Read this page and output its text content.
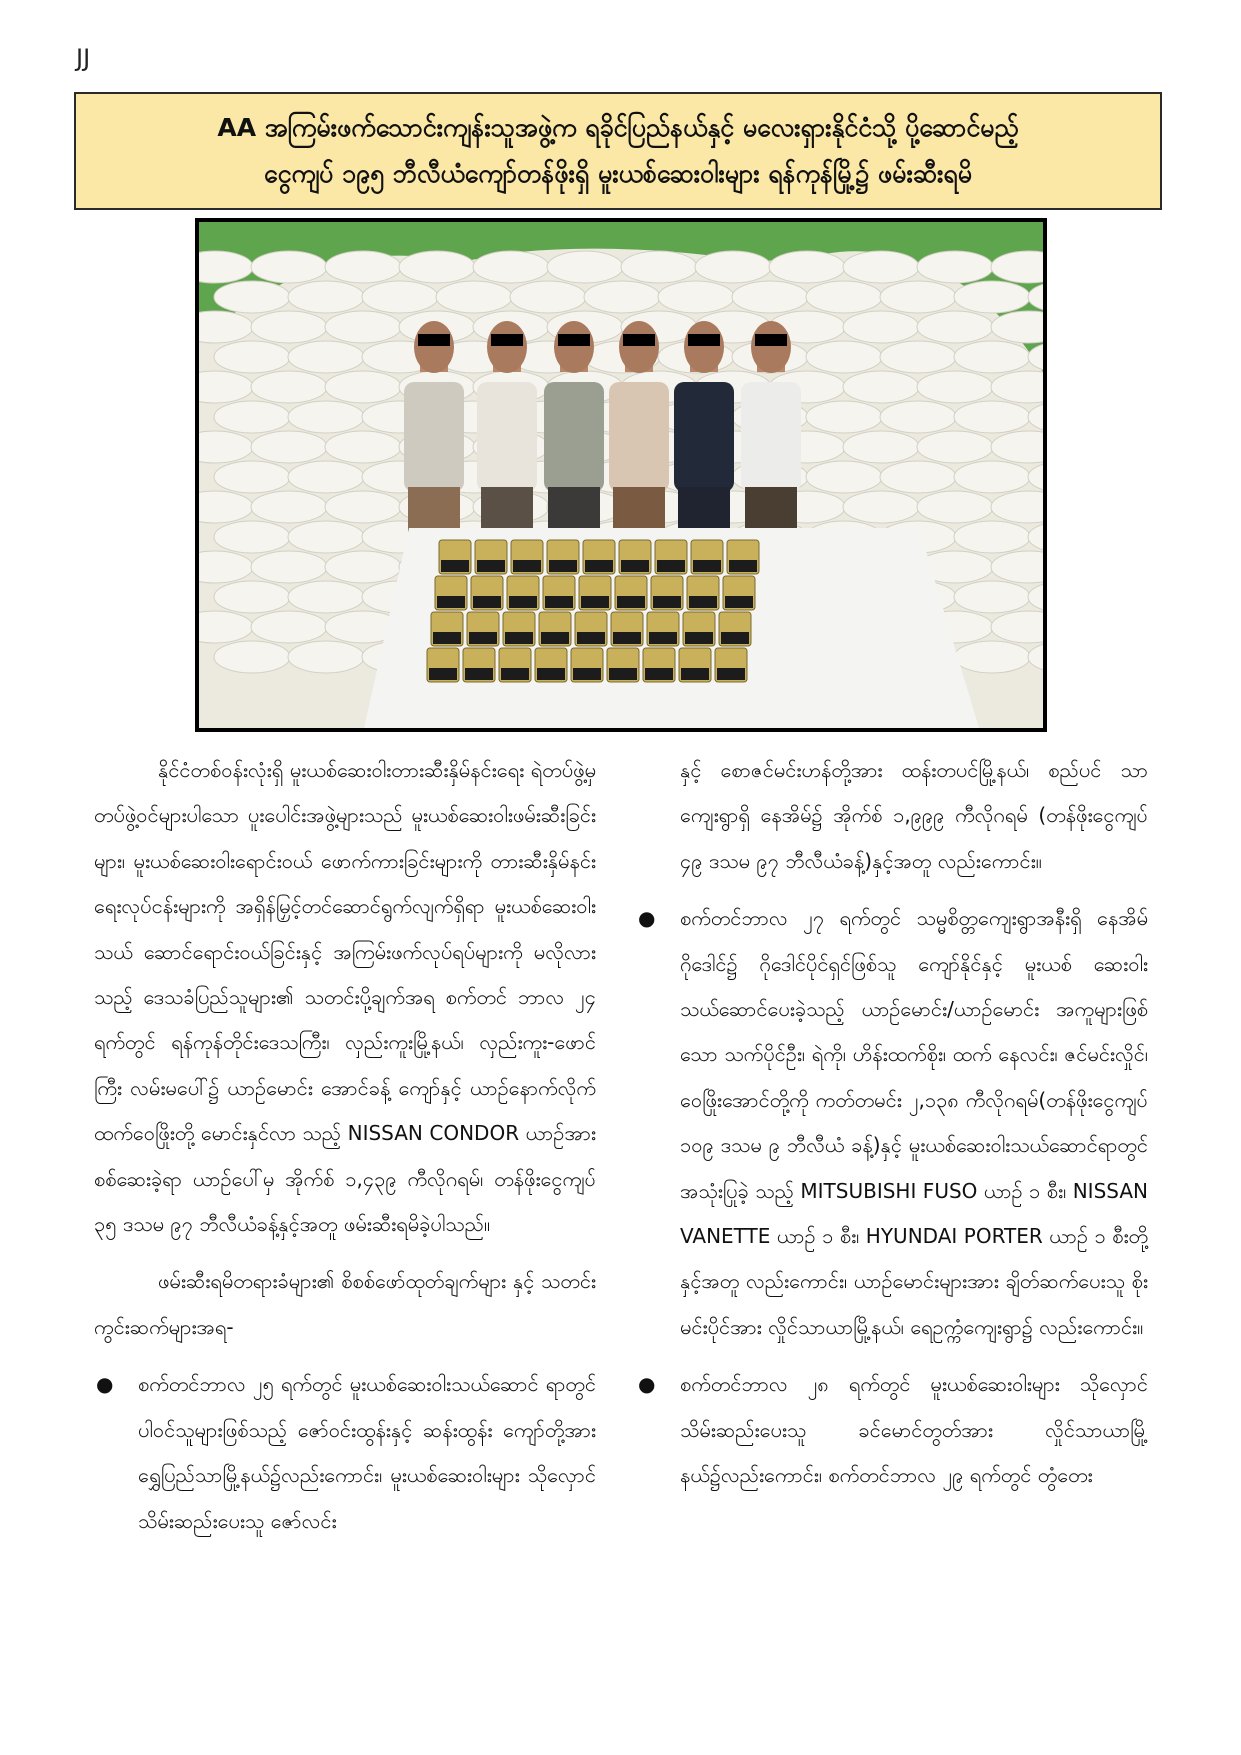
JJ
AA အကြမ်းဖက်သောင်းကျန်းသူအဖွဲ့က ရခိုင်ပြည်နယ်နှင့် မလေးရှားနိုင်ငံသို့ ပို့ဆောင်မည့်
ငွေကျပ် ၁၉၅ ဘီလီယံကျော်တန်ဖိုးရှိ မူးယစ်ဆေးဝါးများ ရန်ကုန်မြို့၌ ဖမ်းဆီးရမိ

နိုင်ငံတစ်ဝန်းလုံးရှိ မူးယစ်ဆေးဝါးတားဆီးနှိမ်နင်းရေး ရဲတပ်ဖွဲ့မှ တပ်ဖွဲ့ဝင်များပါသော ပူးပေါင်းအဖွဲ့များသည် မူးယစ်ဆေးဝါးဖမ်းဆီးခြင်းများ၊ မူးယစ်ဆေးဝါးရောင်းဝယ် ဖောက်ကားခြင်းများကို တားဆီးနှိမ်နင်းရေးလုပ်ငန်းများကို အရှိန်မြှင့်တင်ဆောင်ရွက်လျက်ရှိရာ မူးယစ်ဆေးဝါးသယ် ဆောင်ရောင်းဝယ်ခြင်းနှင့် အကြမ်းဖက်လုပ်ရပ်များကို မလိုလား သည့် ဒေသခံပြည်သူများ၏ သတင်းပို့ချက်အရ စက်တင် ဘာလ ၂၄ ရက်တွင် ရန်ကုန်တိုင်းဒေသကြီး၊ လှည်းကူးမြို့နယ်၊ လှည်းကူး-ဖောင်ကြီး လမ်းမပေါ်၌ ယာဉ်မောင်း အောင်ခန့် ကျော်နှင့် ယာဉ်နောက်လိုက် ထက်ဝေဖြိုးတို့ မောင်းနှင်လာ သည့် NISSAN CONDOR ယာဉ်အား စစ်ဆေးခဲ့ရာ ယာဉ်ပေါ်မှ အိုက်စ် ၁,၄၃၉ ကီလိုဂရမ်၊ တန်ဖိုးငွေကျပ် ၃၅ ဒသမ ၉၇ ဘီလီယံခန့်နှင့်အတူ ဖမ်းဆီးရမိခဲ့ပါသည်။

ဖမ်းဆီးရမိတရားခံများ၏ စိစစ်ဖော်ထုတ်ချက်များ နှင့် သတင်းကွင်းဆက်များအရ-

● စက်တင်ဘာလ ၂၅ ရက်တွင် မူးယစ်ဆေးဝါးသယ်ဆောင် ရာတွင် ပါဝင်သူများဖြစ်သည့် ဇော်ဝင်းထွန်းနှင့် ဆန်းထွန်း ကျော်တို့အား ရွှေပြည်သာမြို့နယ်၌လည်းကောင်း၊ မူးယစ်ဆေးဝါးများ သိုလှောင်သိမ်းဆည်းပေးသူ ဇော်လင်း

နှင့် စောဇင်မင်းဟန်တို့အား ထန်းတပင်မြို့နယ်၊ စည်ပင် သာကျေးရွာရှိ နေအိမ်၌ အိုက်စ် ၁,၉၉၉ ကီလိုဂရမ် (တန်ဖိုးငွေကျပ် ၄၉ ဒသမ ၉၇ ဘီလီယံခန့်)နှင့်အတူ လည်းကောင်း။

● စက်တင်ဘာလ ၂၇ ရက်တွင် သမ္မစိတ္တကျေးရွာအနီးရှိ နေအိမ်ဂိုဒေါင်၌ ဂိုဒေါင်ပိုင်ရှင်ဖြစ်သူ ကျော်နိုင်နှင့် မူးယစ် ဆေးဝါးသယ်ဆောင်ပေးခဲ့သည့် ယာဉ်မောင်း/ယာဉ်မောင်း အကူများဖြစ်သော သက်ပိုင်ဦး၊ ရဲကို၊ ဟိန်းထက်စိုး၊ ထက် နေလင်း၊ ဇင်မင်းလှိုင်၊ ဝေဖြိုးအောင်တို့ကို ကတ်တမင်း ၂,၁၃၈ ကီလိုဂရမ်(တန်ဖိုးငွေကျပ် ၁၀၉ ဒသမ ၉ ဘီလီယံ ခန့်)နှင့် မူးယစ်ဆေးဝါးသယ်ဆောင်ရာတွင် အသုံးပြုခဲ့ သည့် MITSUBISHI FUSO ယာဉ် ၁ စီး၊ NISSAN VANETTE ယာဉ် ၁ စီး၊ HYUNDAI PORTER ယာဉ် ၁ စီးတို့နှင့်အတူ လည်းကောင်း၊ ယာဉ်မောင်းများအား ချိတ်ဆက်ပေးသူ စိုးမင်းပိုင်အား လှိုင်သာယာမြို့နယ်၊ ရေဥက္ကံကျေးရွာ၌ လည်းကောင်း။

● စက်တင်ဘာလ ၂၈ ရက်တွင် မူးယစ်ဆေးဝါးများ သိုလှောင် သိမ်းဆည်းပေးသူ ခင်မောင်တွတ်အား လှိုင်သာယာမြို့ နယ်၌လည်းကောင်း၊ စက်တင်ဘာလ ၂၉ ရက်တွင် တွံတေး
